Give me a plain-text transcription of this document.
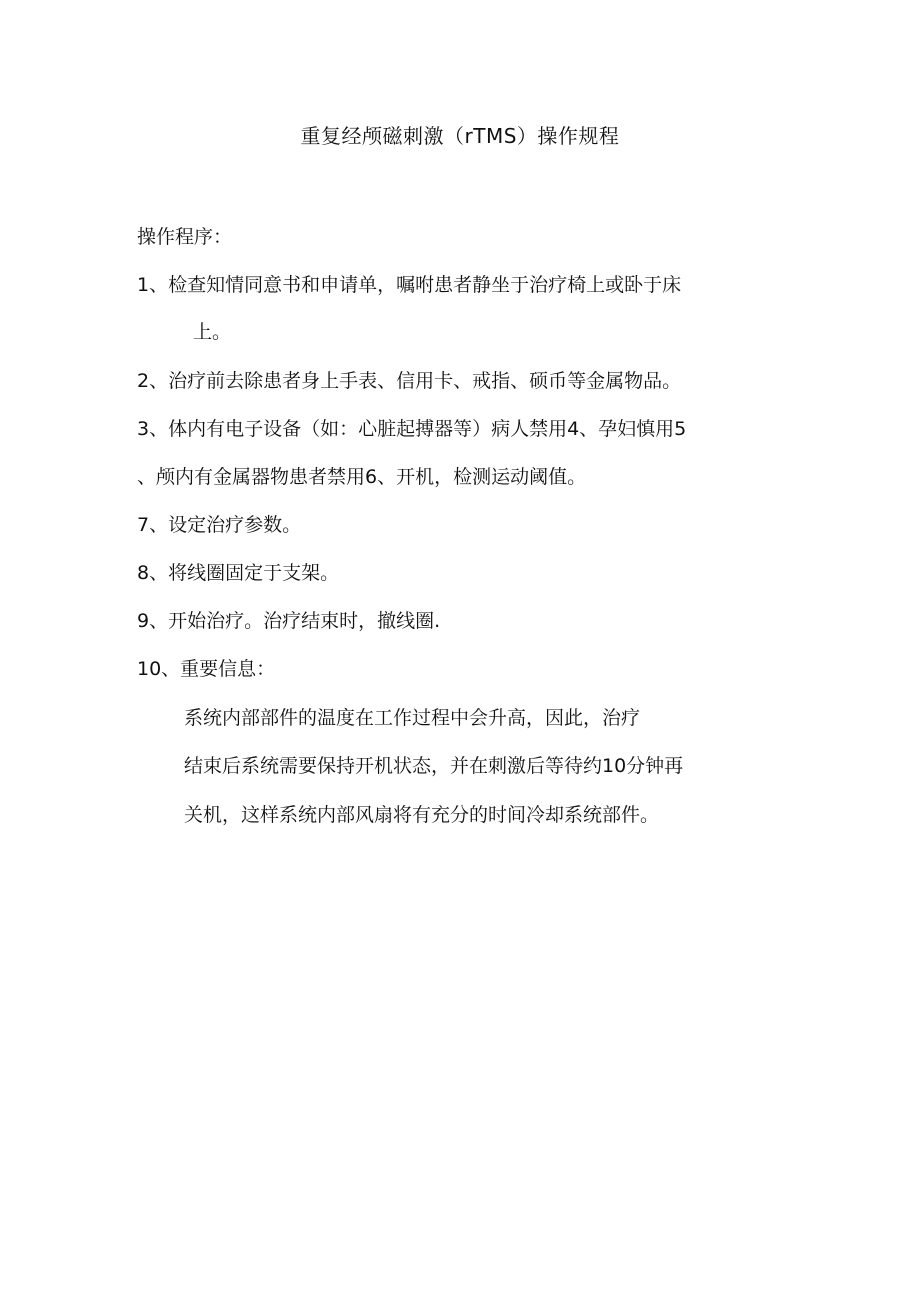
重复经颅磁刺激（rTMS）操作规程
操作程序：
1、检查知情同意书和申请单，嘱咐患者静坐于治疗椅上或卧于床
上。
2、治疗前去除患者身上手表、信用卡、戒指、硕币等金属物品。
3、体内有电子设备（如：心脏起搏器等）病人禁用4、孕妇慎用5
、颅内有金属器物患者禁用6、开机，检测运动阈值。
7、设定治疗参数。
8、将线圈固定于支架。
9、开始治疗。治疗结束时，撤线圈.
10、重要信息：
系统内部部件的温度在工作过程中会升高，因此，治疗
结束后系统需要保持开机状态，并在刺激后等待约10分钟再
关机，这样系统内部风扇将有充分的时间冷却系统部件。
